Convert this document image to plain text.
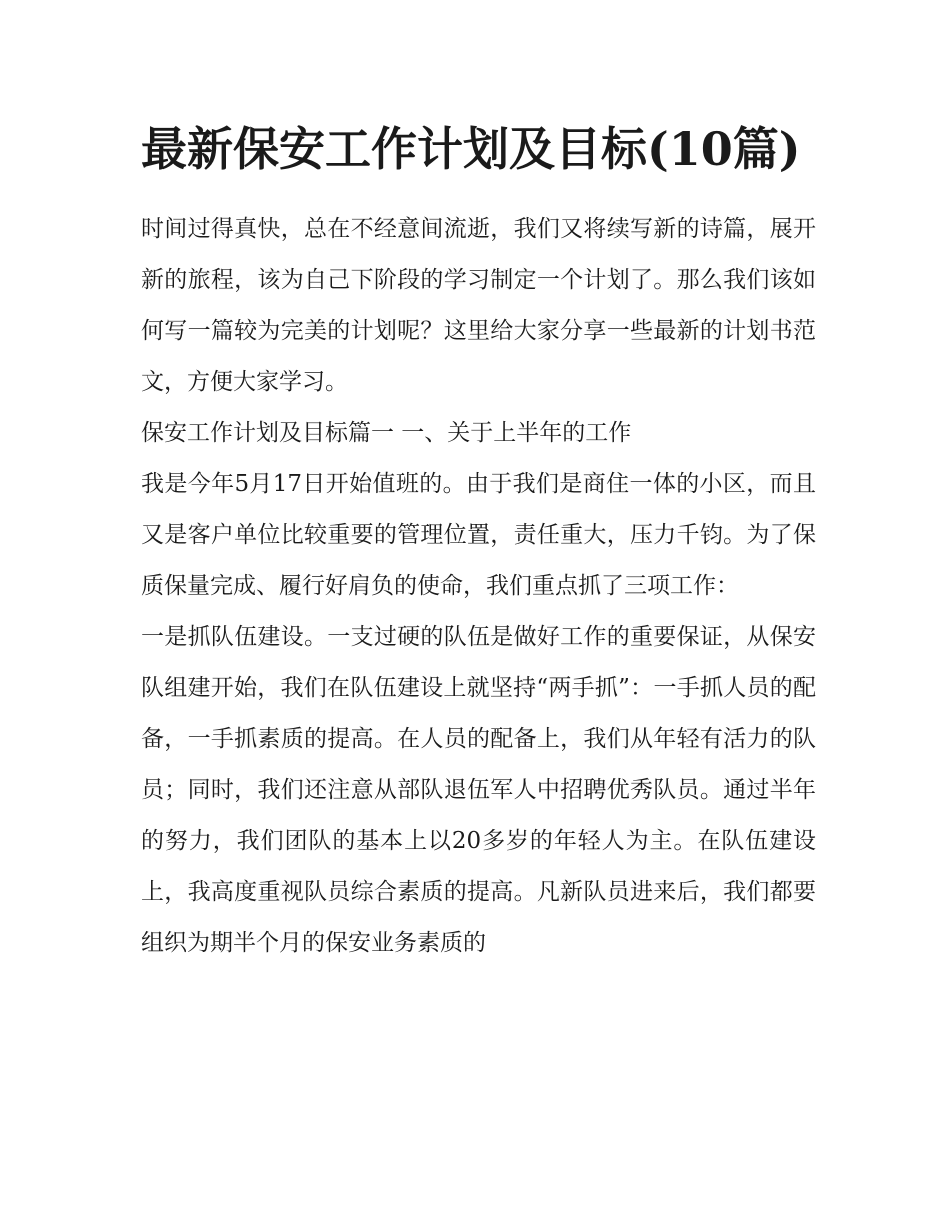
最新保安工作计划及目标(10篇)

时间过得真快，总在不经意间流逝，我们又将续写新的诗篇，展开新的旅程，该为自己下阶段的学习制定一个计划了。那么我们该如何写一篇较为完美的计划呢？这里给大家分享一些最新的计划书范文，方便大家学习。

保安工作计划及目标篇一 一、关于上半年的工作

我是今年5月17日开始值班的。由于我们是商住一体的小区，而且又是客户单位比较重要的管理位置，责任重大，压力千钧。为了保质保量完成、履行好肩负的使命，我们重点抓了三项工作：

一是抓队伍建设。一支过硬的队伍是做好工作的重要保证，从保安队组建开始，我们在队伍建设上就坚持“两手抓”：一手抓人员的配备，一手抓素质的提高。在人员的配备上，我们从年轻有活力的队员；同时，我们还注意从部队退伍军人中招聘优秀队员。通过半年的努力，我们团队的基本上以20多岁的年轻人为主。在队伍建设上，我高度重视队员综合素质的提高。凡新队员进来后，我们都要组织为期半个月的保安业务素质的
